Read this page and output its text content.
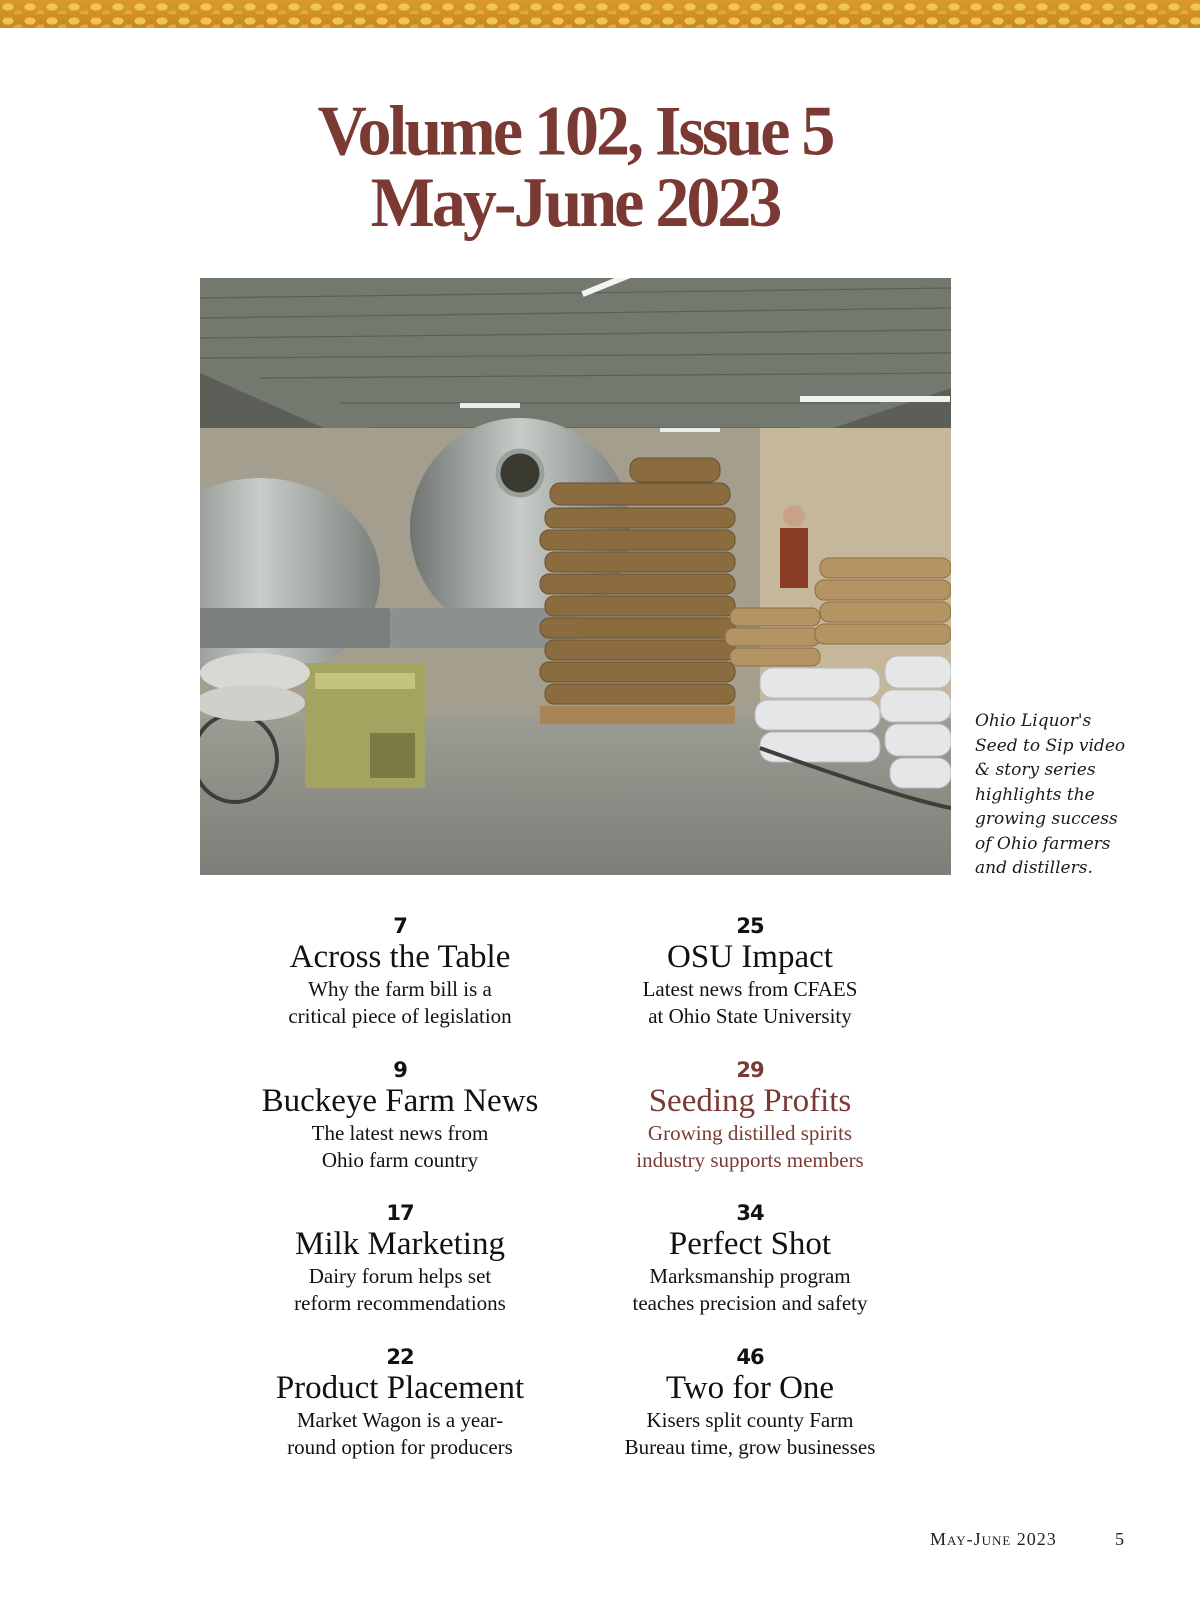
Volume 102, Issue 5
May-June 2023
Ohio Liquor's
Seed to Sip video
& story series
highlights the
growing success
of Ohio farmers
and distillers.
7
Across the Table
Why the farm bill is a
critical piece of legislation
9
Buckeye Farm News
The latest news from
Ohio farm country
17
Milk Marketing
Dairy forum helps set
reform recommendations
22
Product Placement
Market Wagon is a year-
round option for producers
25
OSU Impact
Latest news from CFAES
at Ohio State University
29
Seeding Profits
Growing distilled spirits
industry supports members
34
Perfect Shot
Marksmanship program
teaches precision and safety
46
Two for One
Kisers split county Farm
Bureau time, grow businesses
May-June 2023	5
